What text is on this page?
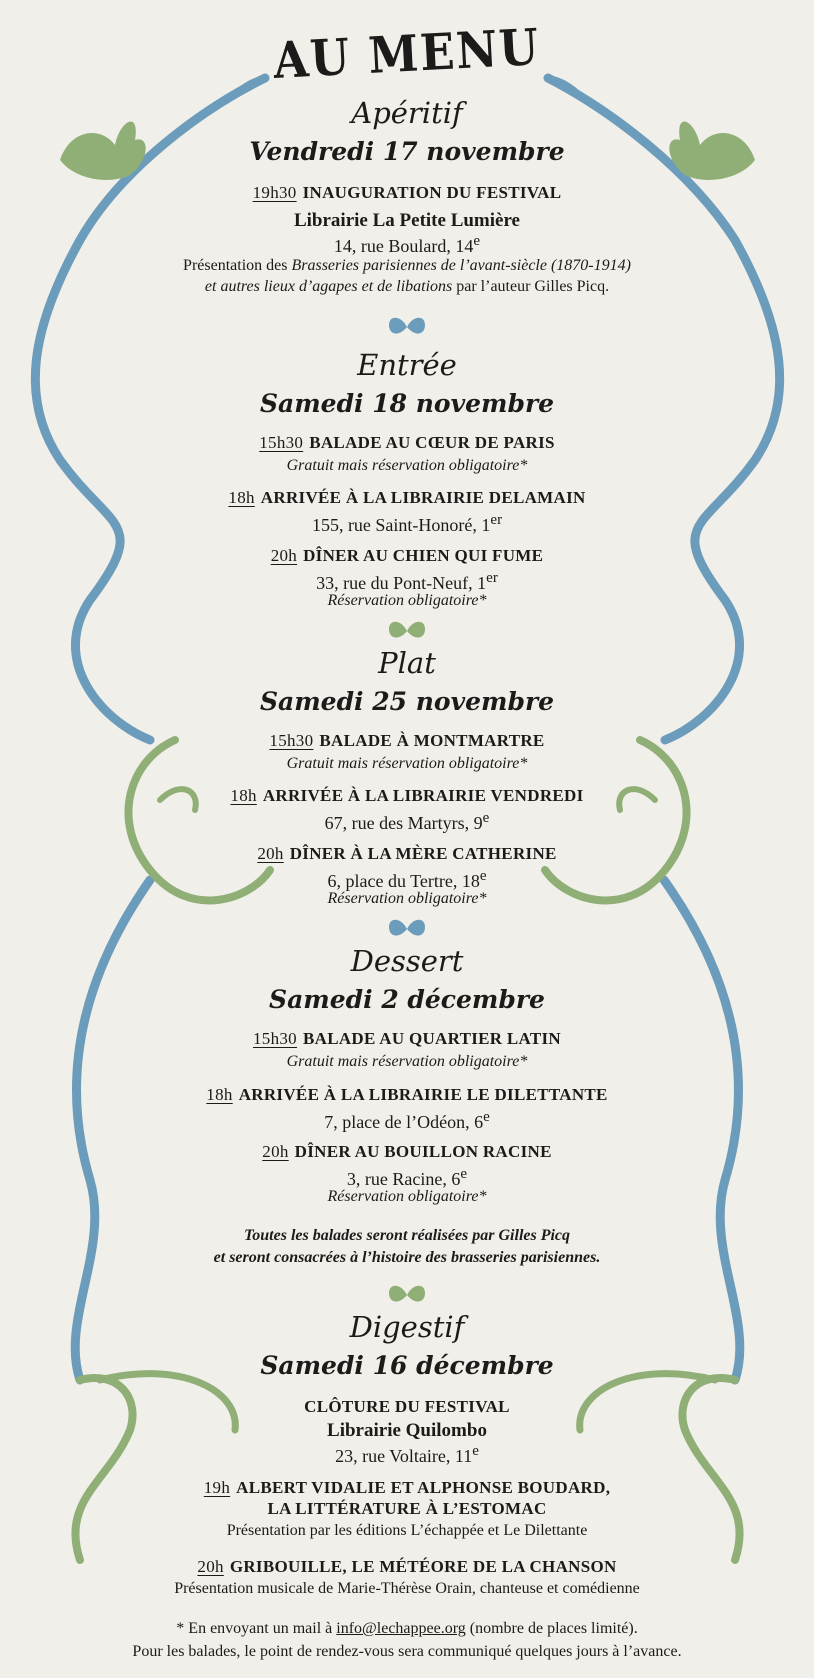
AU MENU
Apéritif
Vendredi 17 novembre
19h30 INAUGURATION DU FESTIVAL
Librairie La Petite Lumière
14, rue Boulard, 14e
Présentation des Brasseries parisiennes de l’avant-siècle (1870-1914)
et autres lieux d’agapes et de libations par l’auteur Gilles Picq.
Entrée
Samedi 18 novembre
15h30 BALADE AU CŒUR DE PARIS
Gratuit mais réservation obligatoire*
18h ARRIVÉE À LA LIBRAIRIE DELAMAIN
155, rue Saint-Honoré, 1er
20h DÎNER AU CHIEN QUI FUME
33, rue du Pont-Neuf, 1er
Réservation obligatoire*
Plat
Samedi 25 novembre
15h30 BALADE À MONTMARTRE
Gratuit mais réservation obligatoire*
18h ARRIVÉE À LA LIBRAIRIE VENDREDI
67, rue des Martyrs, 9e
20h DÎNER À LA MÈRE CATHERINE
6, place du Tertre, 18e
Réservation obligatoire*
Dessert
Samedi 2 décembre
15h30 BALADE AU QUARTIER LATIN
Gratuit mais réservation obligatoire*
18h ARRIVÉE À LA LIBRAIRIE LE DILETTANTE
7, place de l’Odéon, 6e
20h DÎNER AU BOUILLON RACINE
3, rue Racine, 6e
Réservation obligatoire*
Toutes les balades seront réalisées par Gilles Picq
et seront consacrées à l’histoire des brasseries parisiennes.
Digestif
Samedi 16 décembre
CLÔTURE DU FESTIVAL
Librairie Quilombo
23, rue Voltaire, 11e
19h ALBERT VIDALIE ET ALPHONSE BOUDARD,
LA LITTÉRATURE À L’ESTOMAC
Présentation par les éditions L’échappée et Le Dilettante
20h GRIBOUILLE, LE MÉTÉORE DE LA CHANSON
Présentation musicale de Marie-Thérèse Orain, chanteuse et comédienne
* En envoyant un mail à info@lechappee.org (nombre de places limité).
Pour les balades, le point de rendez-vous sera communiqué quelques jours à l’avance.
